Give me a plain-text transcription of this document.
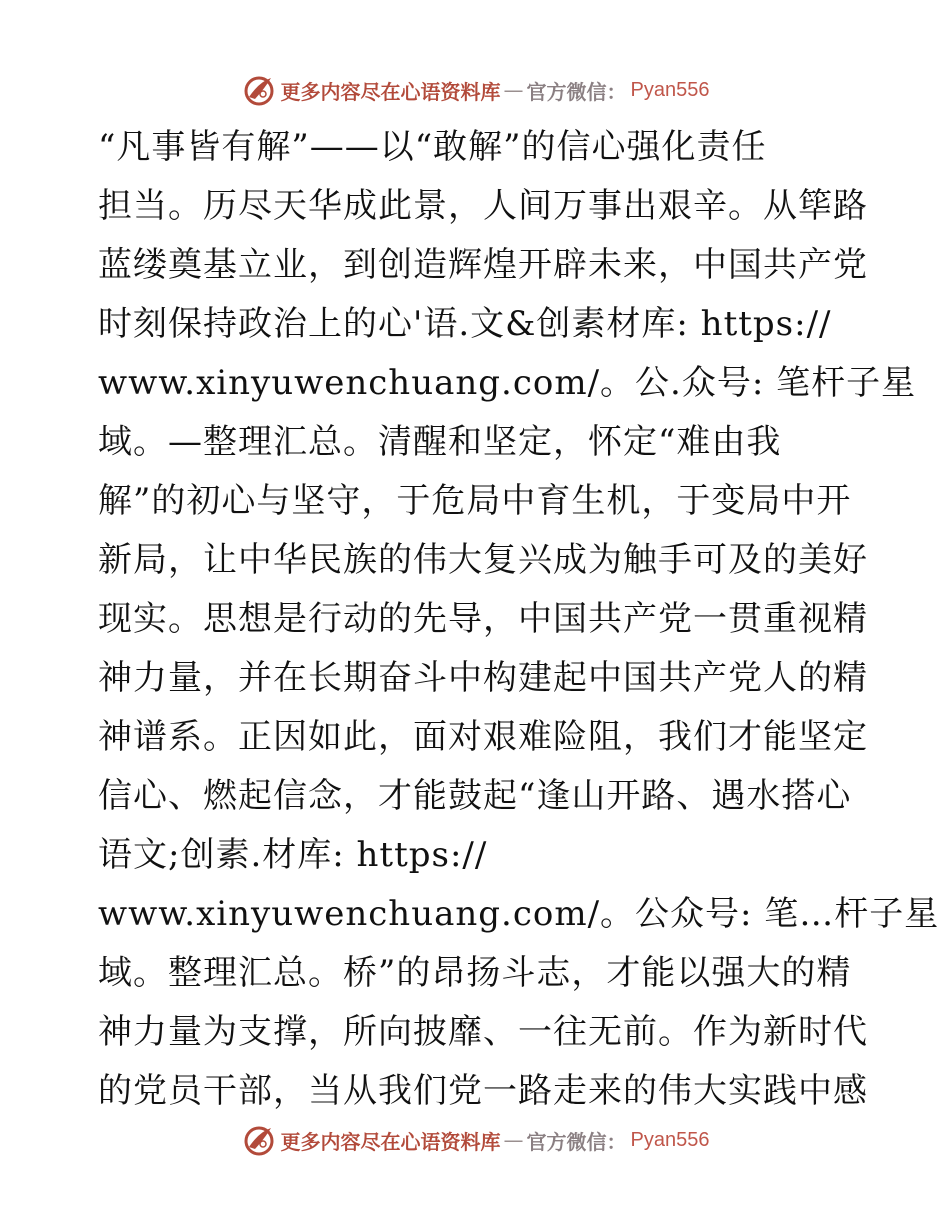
更多内容尽在心语资料库 — 官方微信： Pyan556
“凡事皆有解”——以“敢解”的信心强化责任
担当。历尽天华成此景，人间万事出艰辛。从筚路
蓝缕奠基立业，到创造辉煌开辟未来，中国共产党
时刻保持政治上的心'语.文&创素材库: https://
www.xinyuwenchuang.com/。公.众号: 笔杆子星
域。—整理汇总。清醒和坚定，怀定“难由我
解”的初心与坚守，于危局中育生机，于变局中开
新局，让中华民族的伟大复兴成为触手可及的美好
现实。思想是行动的先导，中国共产党一贯重视精
神力量，并在长期奋斗中构建起中国共产党人的精
神谱系。正因如此，面对艰难险阻，我们才能坚定
信心、燃起信念，才能鼓起“逢山开路、遇水搭心
语文;创素.材库: https://
www.xinyuwenchuang.com/。公众号: 笔…杆子星
域。整理汇总。桥”的昂扬斗志，才能以强大的精
神力量为支撑，所向披靡、一往无前。作为新时代
的党员干部，当从我们党一路走来的伟大实践中感
更多内容尽在心语资料库 — 官方微信： Pyan556
